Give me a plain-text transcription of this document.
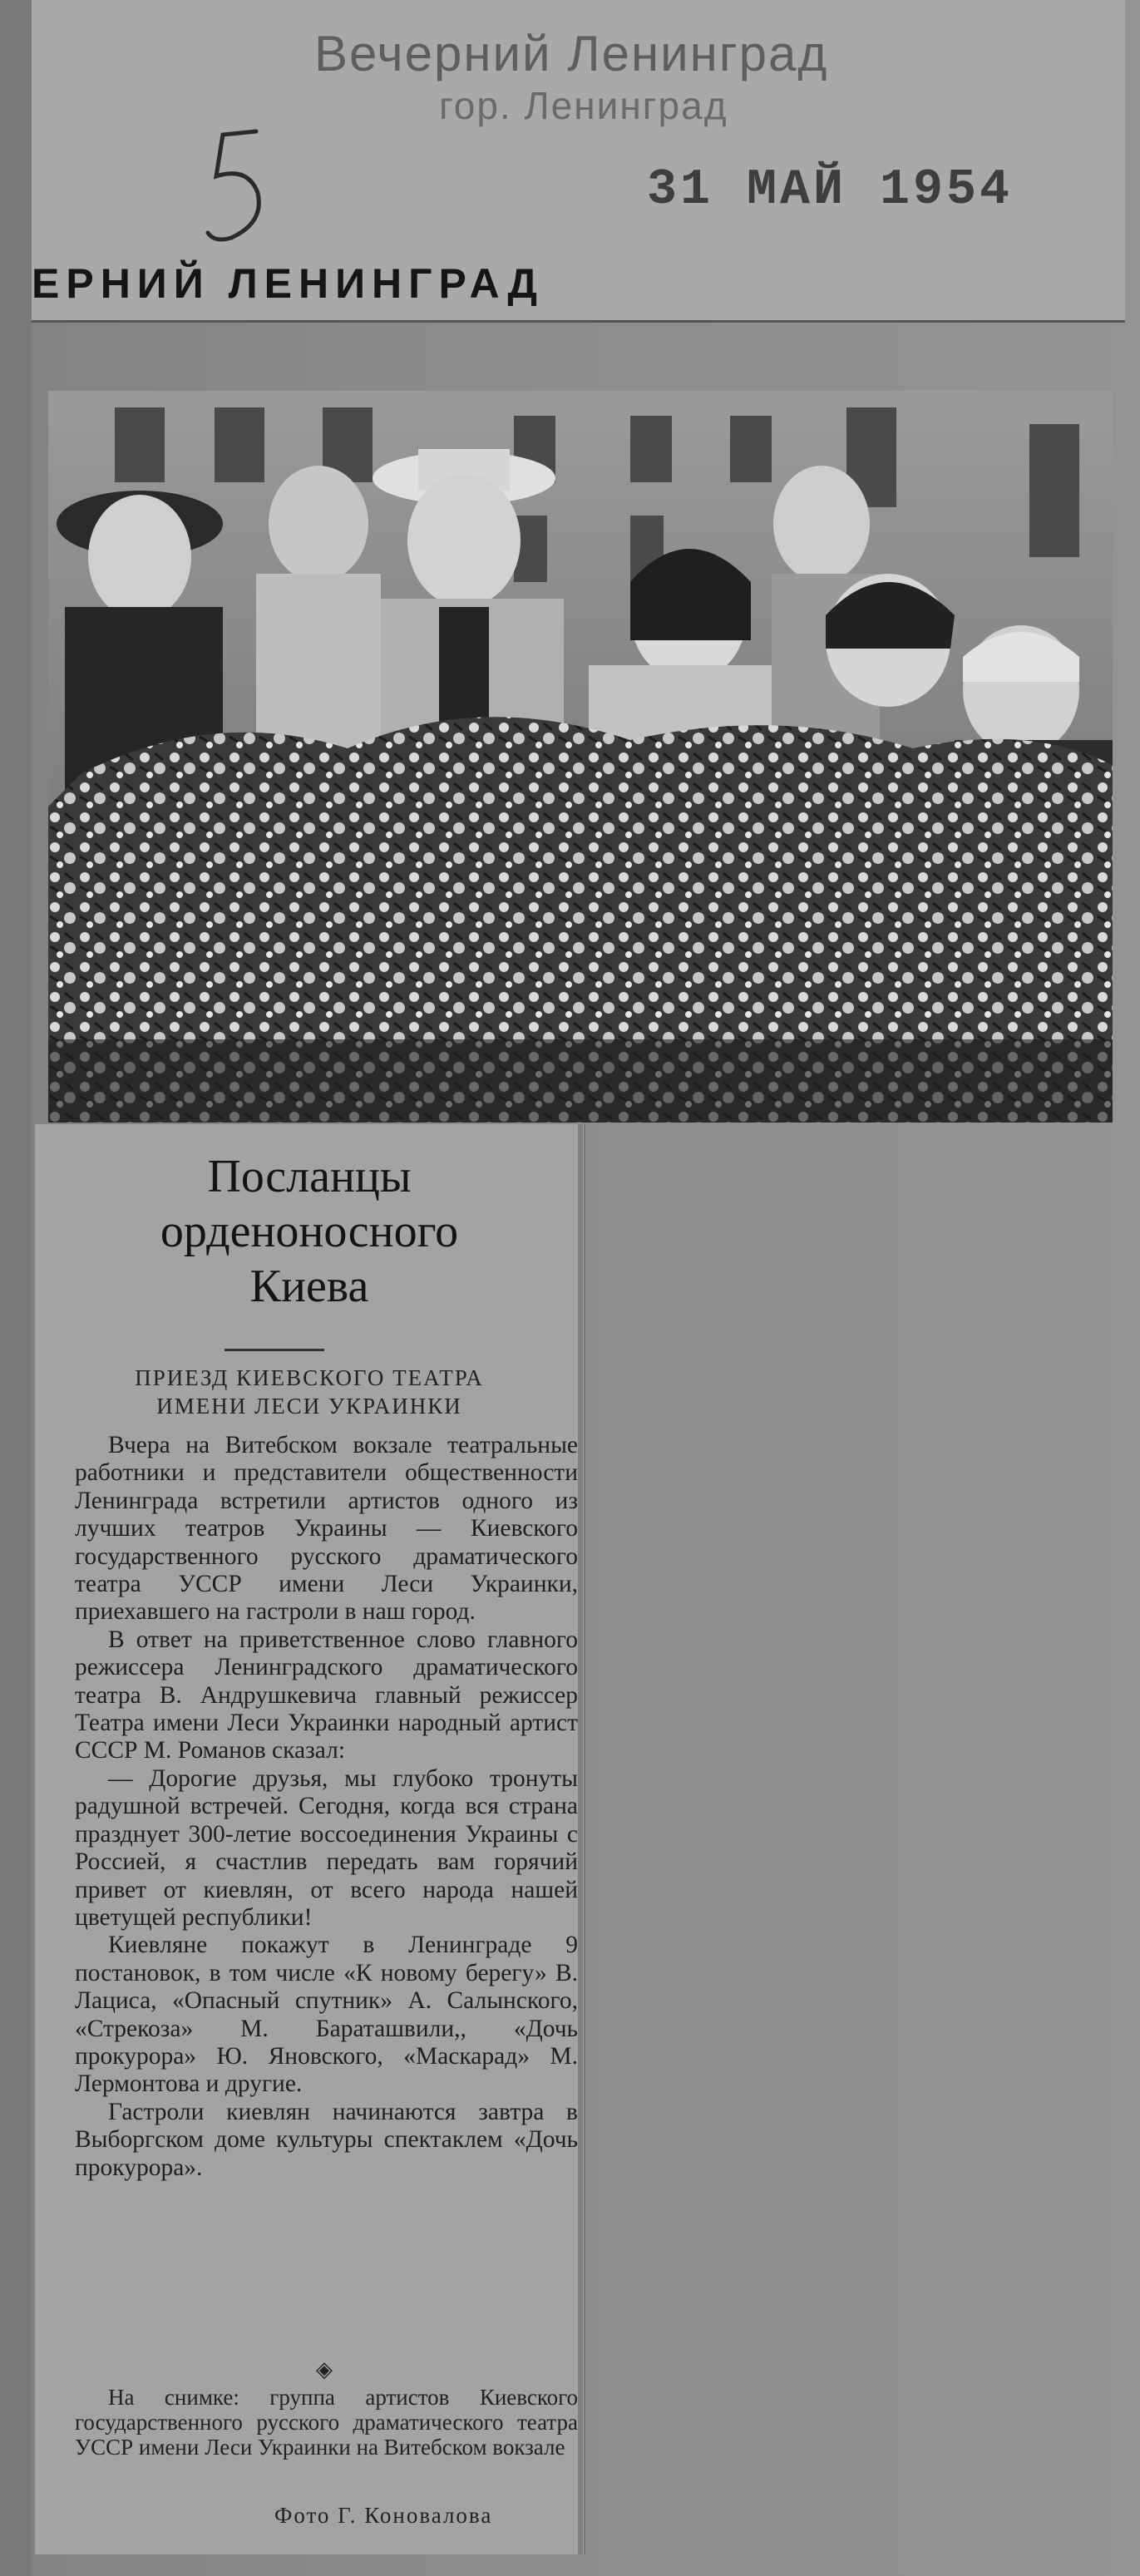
Вечерний Ленинград
гор. Ленинград
31 МАЙ 1954
ЕРНИЙ ЛЕНИНГРАД
Посланцы
орденоносного
Киева
ПРИЕЗД КИЕВСКОГО ТЕАТРА
ИМЕНИ ЛЕСИ УКРАИНКИ

Вчера на Витебском вокзале театральные работники и представители общественности Ленинграда встретили артистов одного из лучших театров Украины — Киевского государственного русского драматического театра УССР имени Леси Украинки, приехавшего на гастроли в наш город.

В ответ на приветственное слово главного режиссера Ленинградского драматического театра В. Андрушкевича главный режиссер Театра имени Леси Украинки народный артист СССР М. Романов сказал:

— Дорогие друзья, мы глубоко тронуты радушной встречей. Сегодня, когда вся страна празднует 300-летие воссоединения Украины с Россией, я счастлив передать вам горячий привет от киевлян, от всего народа нашей цветущей республики!

Киевляне покажут в Ленинграде 9 постановок, в том числе «К новому берегу» В. Лациса, «Опасный спутник» А. Салынского, «Стрекоза» М. Бараташвили,, «Дочь прокурора» Ю. Яновского, «Маскарад» М. Лермонтова и другие.

Гастроли киевлян начинаются завтра в Выборгском доме культуры спектаклем «Дочь прокурора».

◈
На снимке: группа артистов Киевского государственного русского драматического театра УССР имени Леси Украинки на Витебском вокзале
Фото Г. Коновалова
